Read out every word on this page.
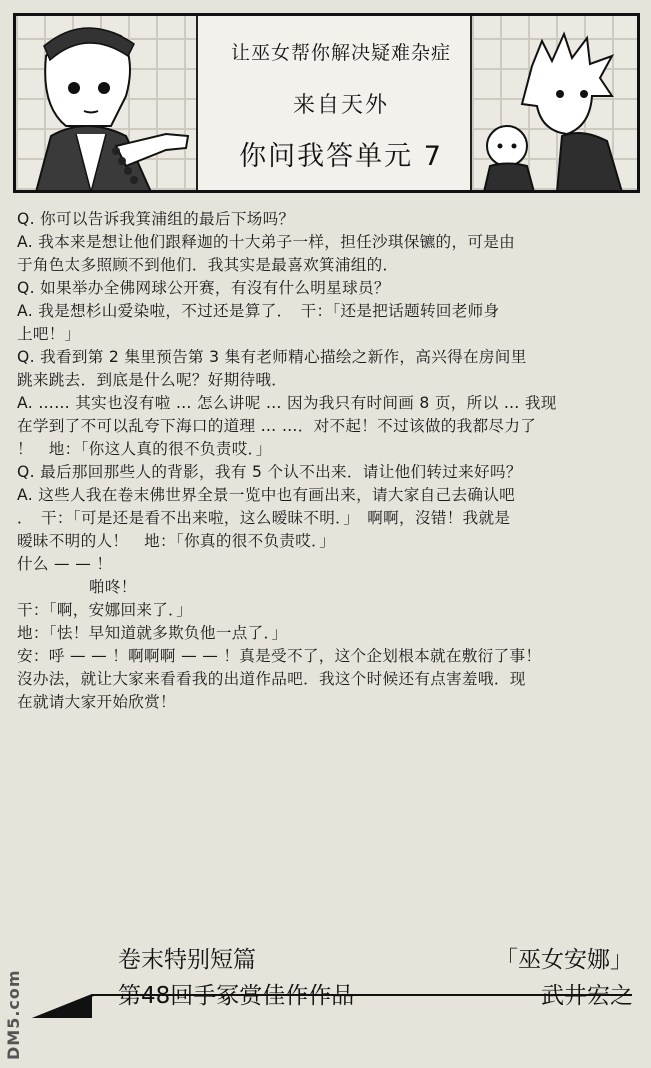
让巫女帮你解决疑难杂症
来自天外
你问我答单元 7
Q. 你可以告诉我箕浦组的最后下场吗？
A. 我本来是想让他们跟释迦的十大弟子一样，担任沙琪保镳的，可是由
于角色太多照顾不到他们．我其实是最喜欢箕浦组的．
Q. 如果举办全佛网球公开赛，有沒有什么明星球员？
A. 我是想杉山爱染啦，不过还是算了．　干：「还是把话题转回老师身
上吧！」
Q. 我看到第 2 集里预告第 3 集有老师精心描绘之新作，高兴得在房间里
跳来跳去．到底是什么呢？好期待哦．
A. …… 其实也沒有啦 … 怎么讲呢 … 因为我只有时间画 8 页，所以 … 我现
在学到了不可以乱夸下海口的道理 … …．对不起！不过该做的我都尽力了
！　地：「你这人真的很不负责哎．」
Q. 最后那回那些人的背影，我有 5 个认不出来．请让他们转过来好吗？
A. 这些人我在卷末佛世界全景一览中也有画出来，请大家自己去确认吧
．　干：「可是还是看不出来啦，这么暧昧不明．」　啊啊，沒错！我就是
暧昧不明的人！　地：「你真的很不负责哎．」
什么 — — ！
啪咚！
干：「啊，安娜回来了．」
地：「怯！早知道就多欺负他一点了．」
安：呼 — — ！啊啊啊 — — ！真是受不了，这个企划根本就在敷衍了事！
沒办法，就让大家来看看我的出道作品吧．我这个时候还有点害羞哦．现
在就请大家开始欣赏！
卷末特别短篇
第48回手冢赏佳作作品
「巫女安娜」
武井宏之
DM5.com
